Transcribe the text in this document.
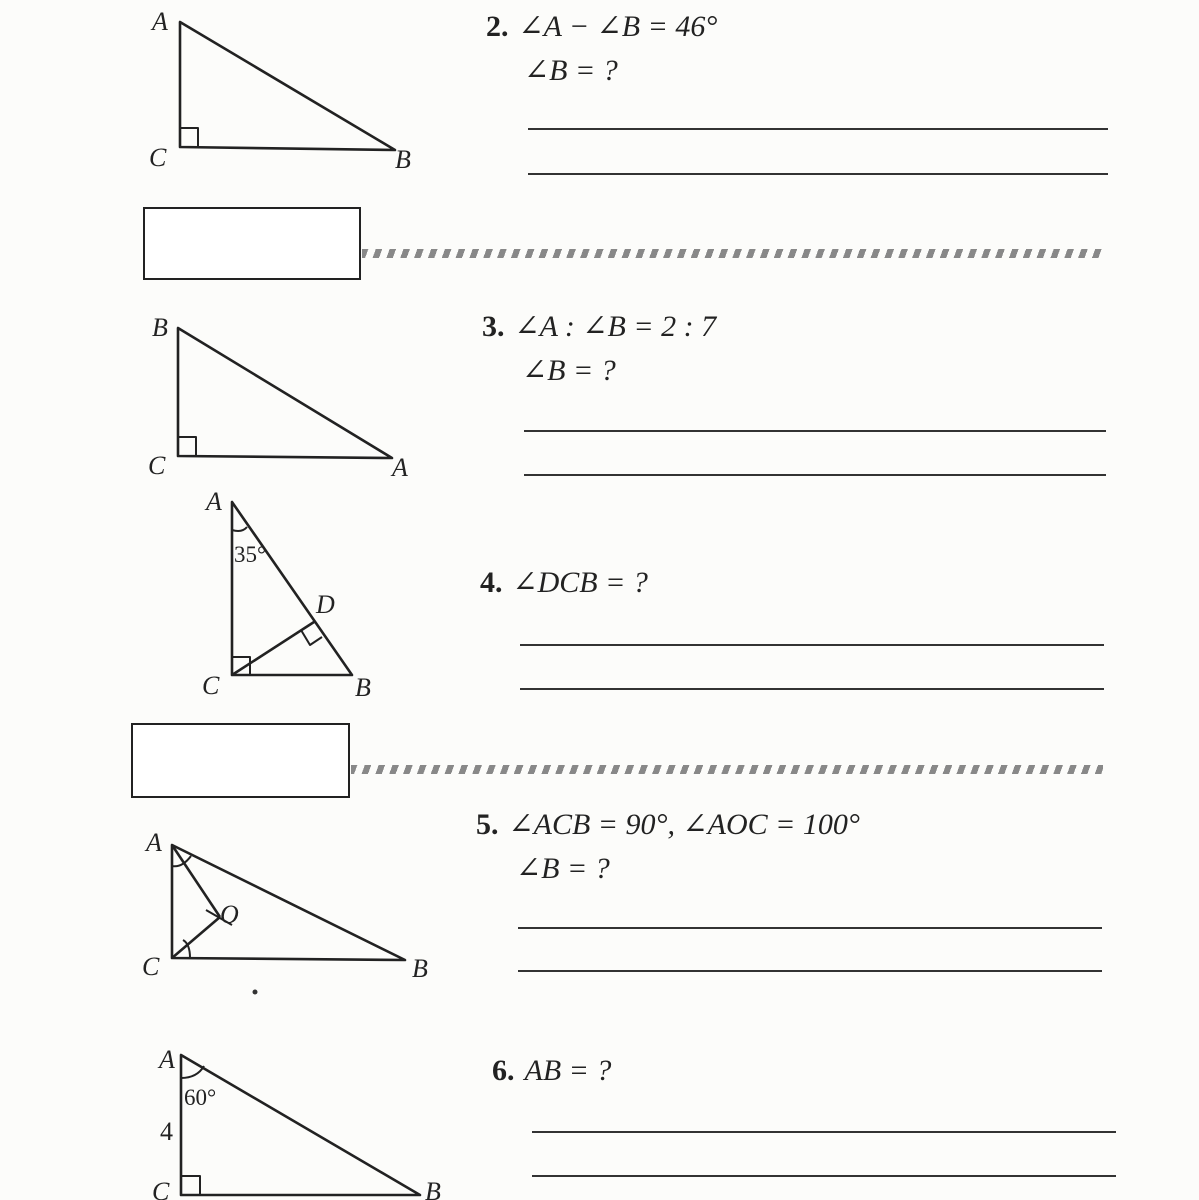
A
C	B
B
C	A
A
35°
D
C	B
A
O
C	B
A
60°
4
C	B
2. ∠A − ∠B = 46°
∠B = ?
3. ∠A : ∠B = 2 : 7
∠B = ?
4. ∠DCB = ?
5. ∠ACB = 90°, ∠AOC = 100°
∠B = ?
6. AB = ?
